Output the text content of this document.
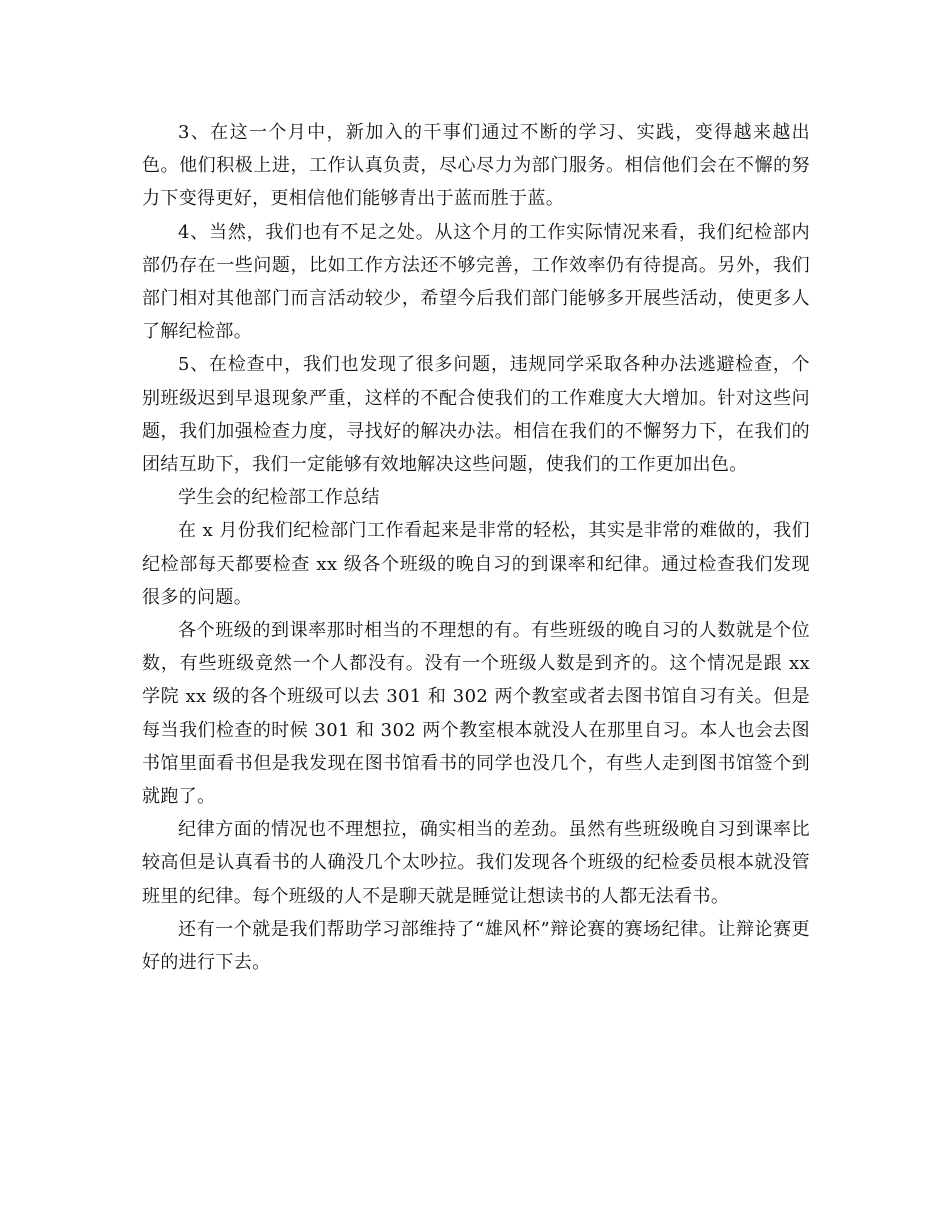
3、在这一个月中，新加入的干事们通过不断的学习、实践，变得越来越出色。他们积极上进，工作认真负责，尽心尽力为部门服务。相信他们会在不懈的努力下变得更好，更相信他们能够青出于蓝而胜于蓝。

4、当然，我们也有不足之处。从这个月的工作实际情况来看，我们纪检部内部仍存在一些问题，比如工作方法还不够完善，工作效率仍有待提高。另外，我们部门相对其他部门而言活动较少，希望今后我们部门能够多开展些活动，使更多人了解纪检部。

5、在检查中，我们也发现了很多问题，违规同学采取各种办法逃避检查，个别班级迟到早退现象严重，这样的不配合使我们的工作难度大大增加。针对这些问题，我们加强检查力度，寻找好的解决办法。相信在我们的不懈努力下，在我们的团结互助下，我们一定能够有效地解决这些问题，使我们的工作更加出色。

学生会的纪检部工作总结

在 x 月份我们纪检部门工作看起来是非常的轻松，其实是非常的难做的，我们纪检部每天都要检查 xx 级各个班级的晚自习的到课率和纪律。通过检查我们发现很多的问题。

各个班级的到课率那时相当的不理想的有。有些班级的晚自习的人数就是个位数，有些班级竟然一个人都没有。没有一个班级人数是到齐的。这个情况是跟 xx 学院 xx 级的各个班级可以去 301 和 302 两个教室或者去图书馆自习有关。但是每当我们检查的时候 301 和 302 两个教室根本就没人在那里自习。本人也会去图书馆里面看书但是我发现在图书馆看书的同学也没几个，有些人走到图书馆签个到就跑了。

纪律方面的情况也不理想拉，确实相当的差劲。虽然有些班级晚自习到课率比较高但是认真看书的人确没几个太吵拉。我们发现各个班级的纪检委员根本就没管班里的纪律。每个班级的人不是聊天就是睡觉让想读书的人都无法看书。

还有一个就是我们帮助学习部维持了“雄风杯”辩论赛的赛场纪律。让辩论赛更好的进行下去。
